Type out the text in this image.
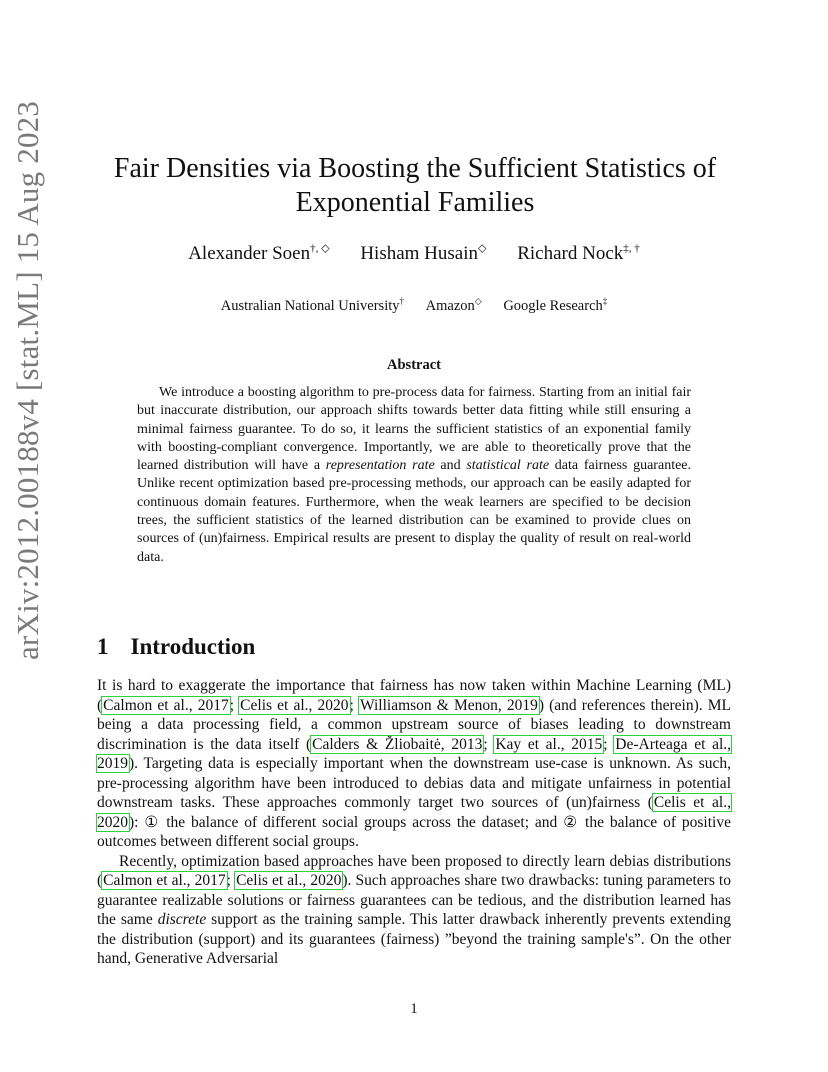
arXiv:2012.00188v4 [stat.ML] 15 Aug 2023	Fair Densities via Boosting the Sufficient Statistics of
Exponential Families
Alexander Soen†, ◇ Hisham Husain◇ Richard Nock‡, †
Australian National University† Amazon◇ Google Research‡
Abstract
We introduce a boosting algorithm to pre-process data for fairness. Starting from an initial fair but inaccurate distribution, our approach shifts towards better data fitting while still ensuring a minimal fairness guarantee. To do so, it learns the sufficient statistics of an exponential family with boosting-compliant convergence. Importantly, we are able to theoretically prove that the learned distribution will have a representation rate and statistical rate data fairness guarantee. Unlike recent optimization based pre-processing methods, our approach can be easily adapted for continuous domain features. Furthermore, when the weak learners are specified to be decision trees, the sufficient statistics of the learned distribution can be examined to provide clues on sources of (un)fairness. Empirical results are present to display the quality of result on real-world data.
1 Introduction

It is hard to exaggerate the importance that fairness has now taken within Machine Learning (ML) (Calmon et al., 2017; Celis et al., 2020; Williamson & Menon, 2019) (and references therein). ML being a data processing field, a common upstream source of biases leading to downstream discrimination is the data itself (Calders & Žliobaitė, 2013; Kay et al., 2015; De-Arteaga et al., 2019). Targeting data is especially important when the downstream use-case is unknown. As such, pre-processing algorithm have been introduced to debias data and mitigate unfairness in potential downstream tasks. These approaches commonly target two sources of (un)fairness (Celis et al., 2020): ① the balance of different social groups across the dataset; and ② the balance of positive outcomes between different social groups.

Recently, optimization based approaches have been proposed to directly learn debias distributions (Calmon et al., 2017; Celis et al., 2020). Such approaches share two drawbacks: tuning parameters to guarantee realizable solutions or fairness guarantees can be tedious, and the distribution learned has the same discrete support as the training sample. This latter drawback inherently prevents extending the distribution (support) and its guarantees (fairness) ”beyond the training sample's”. On the other hand, Generative Adversarial

1
